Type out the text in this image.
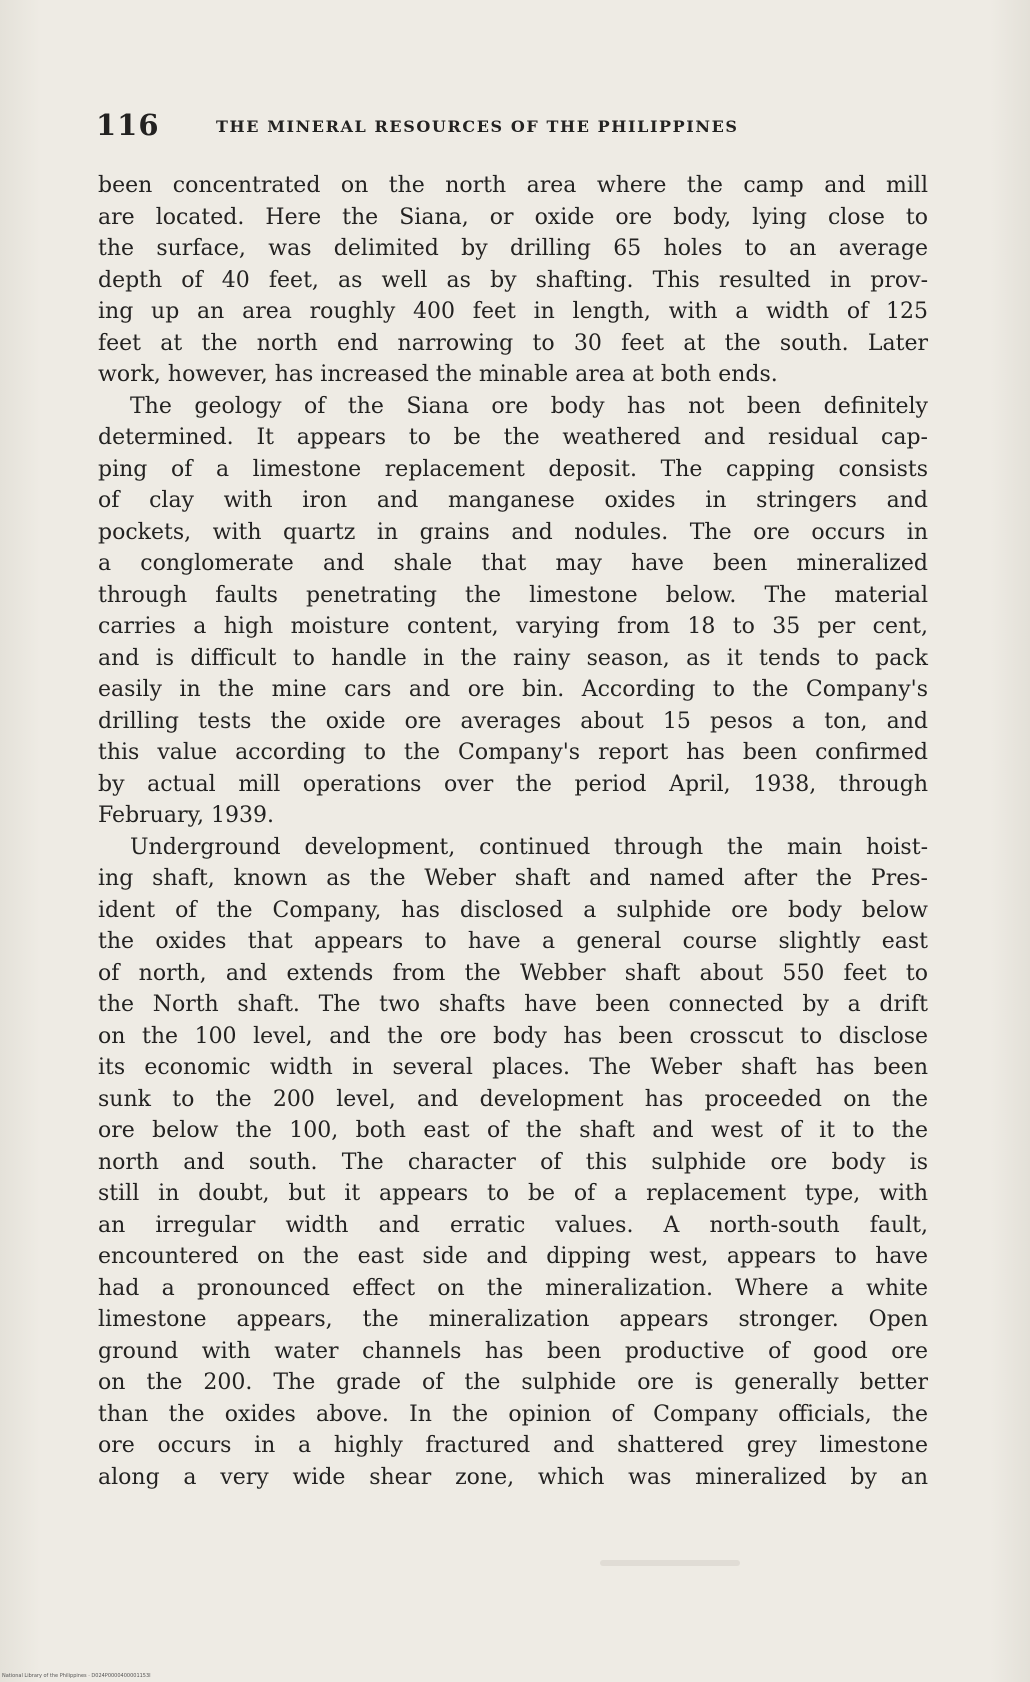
116	THE MINERAL RESOURCES OF THE PHILIPPINES
been concentrated on the north area where the camp and mill
are located. Here the Siana, or oxide ore body, lying close to
the surface, was delimited by drilling 65 holes to an average
depth of 40 feet, as well as by shafting. This resulted in prov-
ing up an area roughly 400 feet in length, with a width of 125
feet at the north end narrowing to 30 feet at the south. Later
work, however, has increased the minable area at both ends.
The geology of the Siana ore body has not been definitely
determined. It appears to be the weathered and residual cap-
ping of a limestone replacement deposit. The capping consists
of clay with iron and manganese oxides in stringers and
pockets, with quartz in grains and nodules. The ore occurs in
a conglomerate and shale that may have been mineralized
through faults penetrating the limestone below. The material
carries a high moisture content, varying from 18 to 35 per cent,
and is difficult to handle in the rainy season, as it tends to pack
easily in the mine cars and ore bin. According to the Company's
drilling tests the oxide ore averages about 15 pesos a ton, and
this value according to the Company's report has been confirmed
by actual mill operations over the period April, 1938, through
February, 1939.
Underground development, continued through the main hoist-
ing shaft, known as the Weber shaft and named after the Pres-
ident of the Company, has disclosed a sulphide ore body below
the oxides that appears to have a general course slightly east
of north, and extends from the Webber shaft about 550 feet to
the North shaft. The two shafts have been connected by a drift
on the 100 level, and the ore body has been crosscut to disclose
its economic width in several places. The Weber shaft has been
sunk to the 200 level, and development has proceeded on the
ore below the 100, both east of the shaft and west of it to the
north and south. The character of this sulphide ore body is
still in doubt, but it appears to be of a replacement type, with
an irregular width and erratic values. A north-south fault,
encountered on the east side and dipping west, appears to have
had a pronounced effect on the mineralization. Where a white
limestone appears, the mineralization appears stronger. Open
ground with water channels has been productive of good ore
on the 200. The grade of the sulphide ore is generally better
than the oxides above. In the opinion of Company officials, the
ore occurs in a highly fractured and shattered grey limestone
along a very wide shear zone, which was mineralized by an
National Library of the Philippines · D024P0000400001153I
